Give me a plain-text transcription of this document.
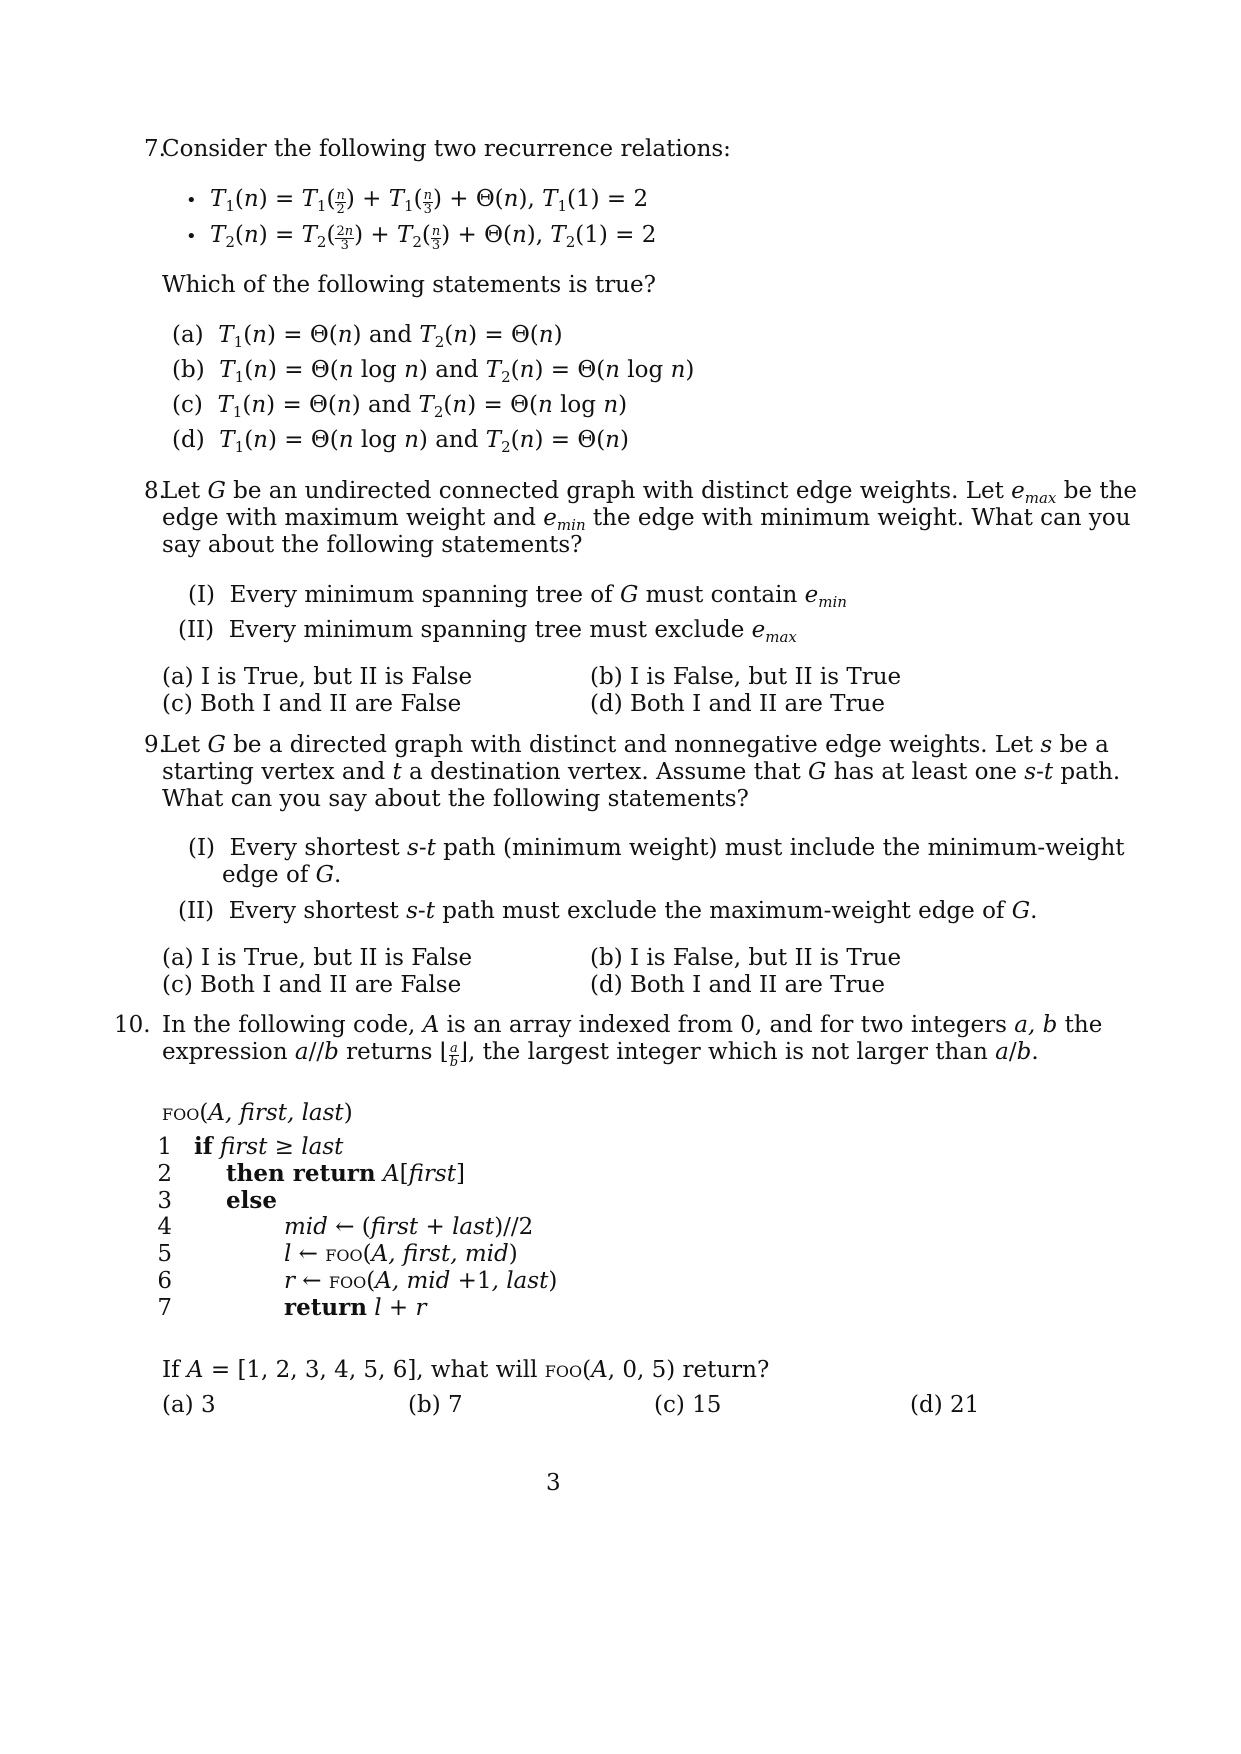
7.
Consider the following two recurrence relations:
• $T_1(n) = T_1( \frac{n}{2}$ ) + $T_1( \frac{n}{3}$ ) + Θ(n), $T_1(1) = 2$
• $T_2(n) = T_2( \frac{2n}{3}$ ) + $T_2( \frac{n}{3}$ ) + Θ(n), $T_2(1) = 2$
Which of the following statements is true?
(a) $T_1(n) = \Theta(n)$ and $T_2(n) = \Theta(n)$
(b) $T_1(n) = \Theta(n$ log n) and $T_2(n) = \Theta(n$ log n)
(c) $T_1(n) = \Theta(n)$ and $T_2(n) = \Theta(n$ log n)
(d) $T_1(n) = \Theta(n$ log n) and $T_2(n) = \Theta(n)$
8.
Let G be an undirected connected graph with distinct edge weights. Let $e_{max}$ be the
edge with maximum weight and $e_{min}$ the edge with minimum weight. What can you
say about the following statements?
(I)  Every minimum spanning tree of G must contain $e_{min}$
(II)  Every minimum spanning tree must exclude $e_{max}$
(a) I is True, but II is False	(b) I is False, but II is True
(c) Both I and II are False	(d) Both I and II are True
9.
Let G be a directed graph with distinct and nonnegative edge weights. Let s be a
starting vertex and t a destination vertex. Assume that G has at least one s-t path.
What can you say about the following statements?
(I)  Every shortest s-t path (minimum weight) must include the minimum-weight
edge of G.
(II)  Every shortest s-t path must exclude the maximum-weight edge of G.
(a) I is True, but II is False	(b) I is False, but II is True
(c) Both I and II are False	(d) Both I and II are True
10. In the following code, A is an array indexed from 0, and for two integers a, b the
expression a//b returns ⌊ $\frac{a}{b}$ ⌋, the largest integer which is not larger than a/b.
foo(A, first, last)
1 if first ≥ last
2 then return A[first]
3 else
4	mid ← (first + last)//2
5	l ← foo(A, first, mid)
6	r ← foo(A, mid +1, last)
7	return l + r
If A = [1, 2, 3, 4, 5, 6], what will foo(A, 0, 5) return?
(a) 3	(b) 7	(c) 15	(d) 21
3
